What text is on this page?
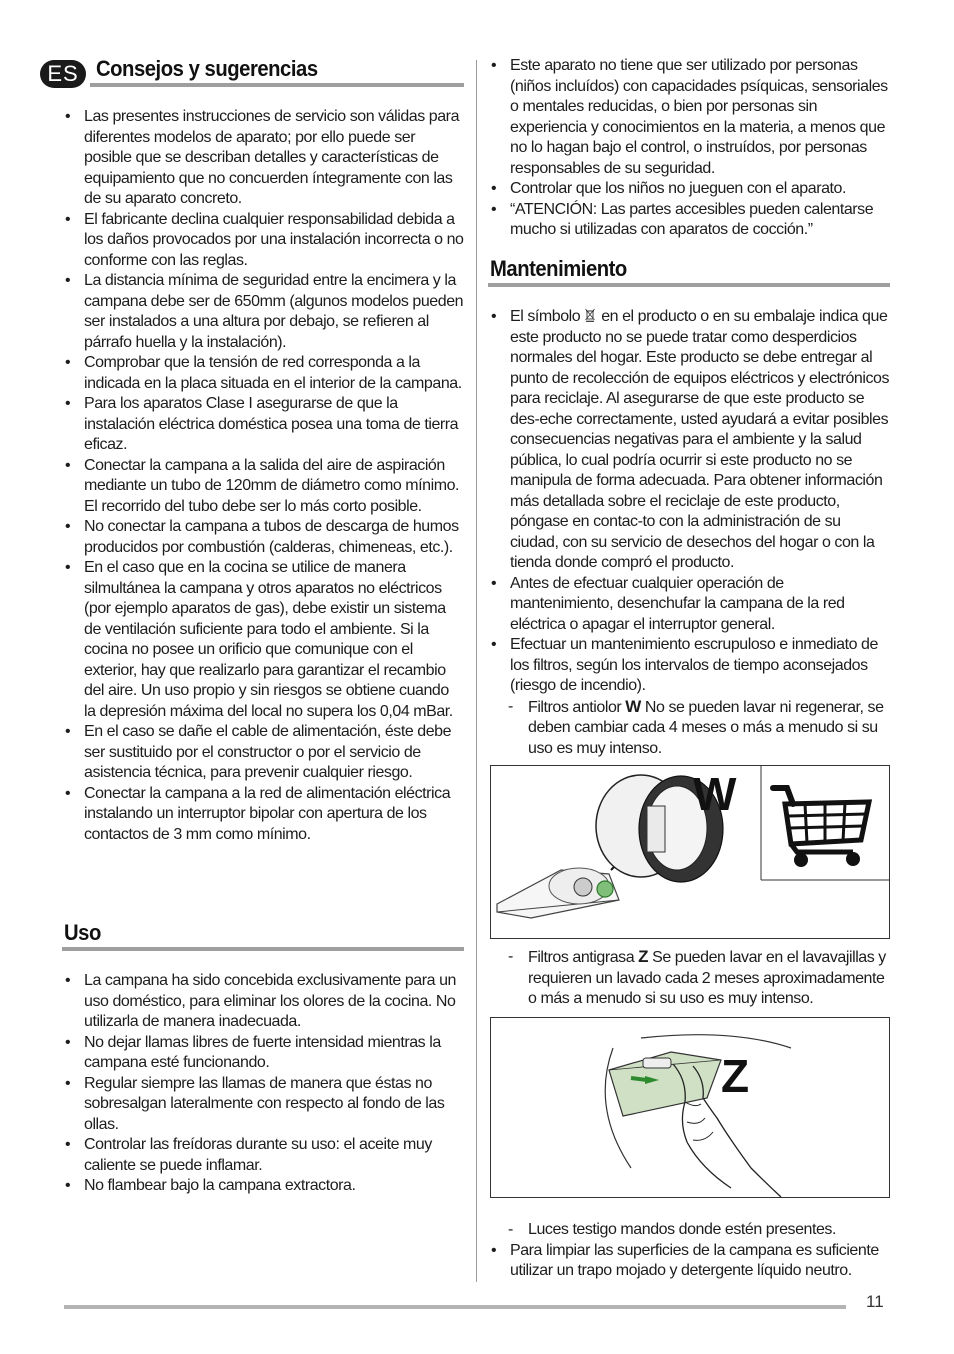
ES Consejos y sugerencias
• Las presentes instrucciones de servicio son válidas para diferentes modelos de aparato; por ello puede ser posible que se describan detalles y características de equipamiento que no concuerden íntegramente con las de su aparato concreto.
• El fabricante declina cualquier responsabilidad debida a los daños provocados por una instalación incorrecta o no conforme con las reglas.
• La distancia mínima de seguridad entre la encimera y la campana debe ser de 650mm (algunos modelos pueden ser instalados a una altura por debajo, se refieren al párrafo huella y la instalación).
• Comprobar que la tensión de red corresponda a la indicada en la placa situada en el interior de la campana.
• Para los aparatos Clase I asegurarse de que la instalación eléctrica doméstica posea una toma de tierra eficaz.
• Conectar la campana a la salida del aire de aspiración mediante un tubo de 120mm de diámetro como mínimo. El recorrido del tubo debe ser lo más corto posible.
• No conectar la campana a tubos de descarga de humos producidos por combustión (calderas, chimeneas, etc.).
• En el caso que en la cocina se utilice de manera silmultánea la campana y otros aparatos no eléctricos (por ejemplo aparatos de gas), debe existir un sistema de ventilación suficiente para todo el ambiente. Si la cocina no posee un orificio que comunique con el exterior, hay que realizarlo para garantizar el recambio del aire. Un uso propio y sin riesgos se obtiene cuando la depresión máxima del local no supera los 0,04 mBar.
• En el caso se dañe el cable de alimentación, éste debe ser sustituido por el constructor o por el servicio de asistencia técnica, para prevenir cualquier riesgo.
• Conectar la campana a la red de alimentación eléctrica instalando un interruptor bipolar con apertura de los contactos de 3 mm como mínimo.
Uso
• La campana ha sido concebida exclusivamente para un uso doméstico, para eliminar los olores de la cocina. No utilizarla de manera inadecuada.
• No dejar llamas libres de fuerte intensidad mientras la campana esté funcionando.
• Regular siempre las llamas de manera que éstas no sobresalgan lateralmente con respecto al fondo de las ollas.
• Controlar las freídoras durante su uso: el aceite muy caliente se puede inflamar.
• No flambear bajo la campana extractora.
• Este aparato no tiene que ser utilizado por personas (niños incluídos) con capacidades psíquicas, sensoriales o mentales reducidas, o bien por personas sin experiencia y conocimientos en la materia, a menos que no lo hagan bajo el control, o instruídos, por personas responsables de su seguridad.
• Controlar que los niños no jueguen con el aparato.
• “ATENCIÓN: Las partes accesibles pueden calentarse mucho si utilizadas con aparatos de cocción.”
Mantenimiento
• El símbolo en el producto o en su embalaje indica que este producto no se puede tratar como desperdicios normales del hogar. Este producto se debe entregar al punto de recolección de equipos eléctricos y electrónicos para reciclaje. Al asegurarse de que este producto se des-eche correctamente, usted ayudará a evitar posibles consecuencias negativas para el ambiente y la salud pública, lo cual podría ocurrir si este producto no se manipula de forma adecuada. Para obtener información más detallada sobre el reciclaje de este producto, póngase en contac-to con la administración de su ciudad, con su servicio de desechos del hogar o con la tienda donde compró el producto.
• Antes de efectuar cualquier operación de mantenimiento, desenchufar la campana de la red eléctrica o apagar el interruptor general.
• Efectuar un mantenimiento escrupuloso e inmediato de los filtros, según los intervalos de tiempo aconsejados (riesgo de incendio).
- Filtros antiolor W No se pueden lavar ni regenerar, se deben cambiar cada 4 meses o más a menudo si su uso es muy intenso.
W
- Filtros antigrasa Z Se pueden lavar en el lavavajillas y requieren un lavado cada 2 meses aproximadamente o más a menudo si su uso es muy intenso.
Z
- Luces testigo mandos donde estén presentes.
• Para limpiar las superficies de la campana es suficiente utilizar un trapo mojado y detergente líquido neutro.
11
